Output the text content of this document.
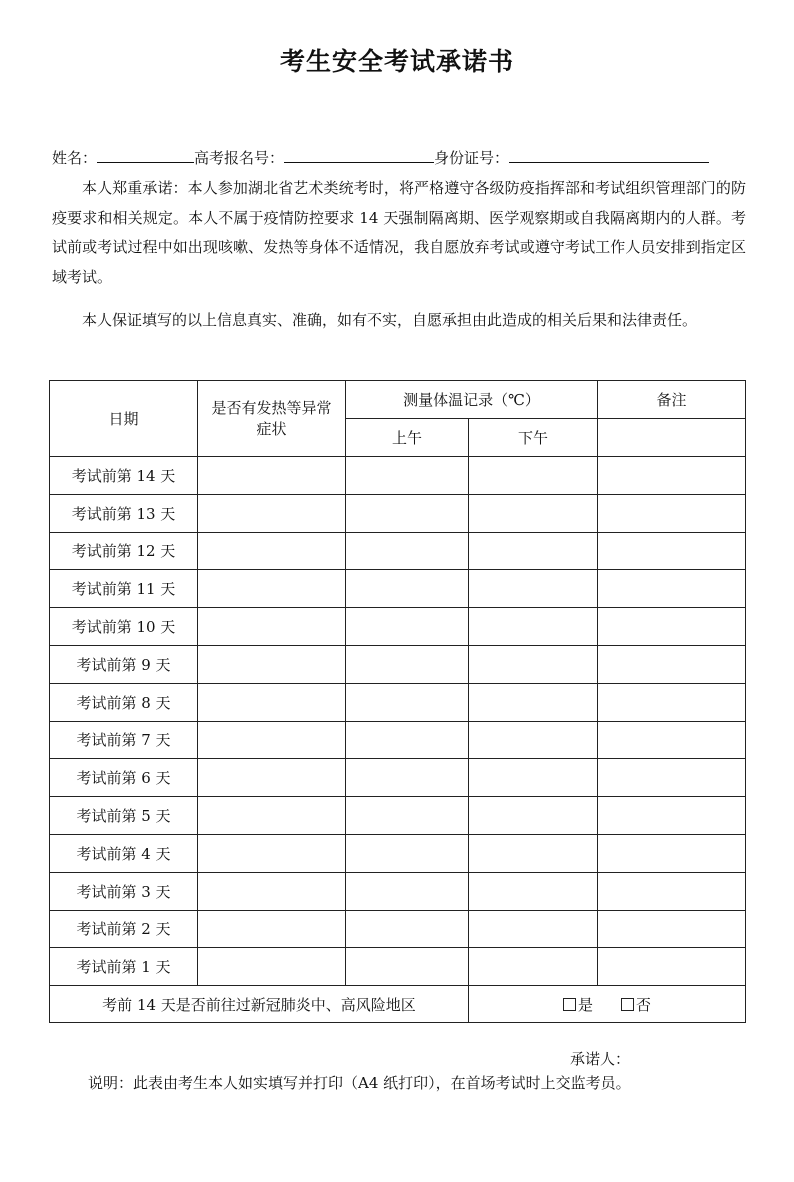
考生安全考试承诺书
姓名：	高考报名号：	身份证号：

本人郑重承诺：本人参加湖北省艺术类统考时，将严格遵守各级防疫指挥部和考试组织管理部门的防疫要求和相关规定。本人不属于疫情防控要求 14 天强制隔离期、医学观察期或自我隔离期内的人群。考试前或考试过程中如出现咳嗽、发热等身体不适情况，我自愿放弃考试或遵守考试工作人员安排到指定区域考试。

本人保证填写的以上信息真实、准确，如有不实，自愿承担由此造成的相关后果和法律责任。

日期	是否有发热等异常症状	测量体温记录（℃）		备注
		上午	下午	
考试前第 14 天				
考试前第 13 天				
考试前第 12 天				
考试前第 11 天				
考试前第 10 天				
考试前第 9 天				
考试前第 8 天				
考试前第 7 天				
考试前第 6 天				
考试前第 5 天				
考试前第 4 天				
考试前第 3 天				
考试前第 2 天				
考试前第 1 天				
考前 14 天是否前往过新冠肺炎中、高风险地区			是 否	
承诺人：
说明：此表由考生本人如实填写并打印（A4 纸打印），在首场考试时上交监考员。
